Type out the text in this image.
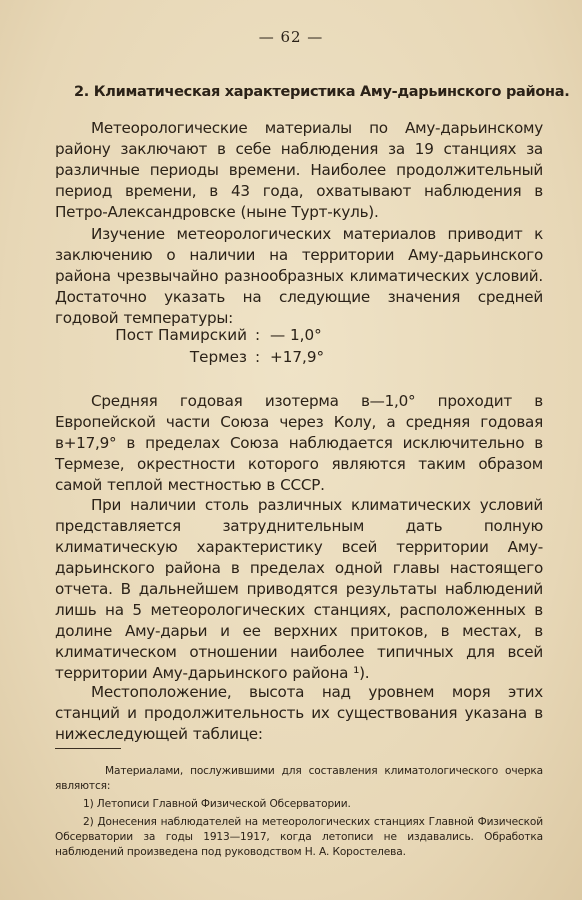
— 62 —
2. Климатическая характеристика Аму-дарьинского района.
Метеорологические материалы по Аму-дарьинскому району заключают в себе наблюдения за 19 станциях за различные периоды времени. Наиболее продолжительный период времени, в 43 года, охватывают наблюдения в Петро-Александровске (ныне Турт-куль).
Изучение метеорологических материалов приводит к заключению о наличии на территории Аму-дарьинского района чрезвычайно разнообразных климатических условий. Достаточно указать на следующие значения средней годовой температуры:
Пост Памирский : — 1,0°
Термез : +17,9°
Средняя годовая изотерма в—1,0° проходит в Европейской части Союза через Колу, а средняя годовая в+17,9° в пределах Союза наблюдается исключительно в Термезе, окрестности которого являются таким образом самой теплой местностью в СССР.
При наличии столь различных климатических условий представляется затруднительным дать полную климатическую характеристику всей территории Аму-дарьинского района в пределах одной главы настоящего отчета. В дальнейшем приводятся результаты наблюдений лишь на 5 метеорологических станциях, расположенных в долине Аму-дарьи и ее верхних притоков, в местах, в климатическом отношении наиболее типичных для всей территории Аму-дарьинского района ¹).
Местоположение, высота над уровнем моря этих станций и продолжительность их существования указана в нижеследующей таблице:
Материалами, послужившими для составления климатологического очерка являются:
1) Летописи Главной Физической Обсерватории.
2) Донесения наблюдателей на метеорологических станциях Главной Физической Обсерватории за годы 1913—1917, когда летописи не издавались. Обработка наблюдений произведена под руководством Н. А. Коростелева.
